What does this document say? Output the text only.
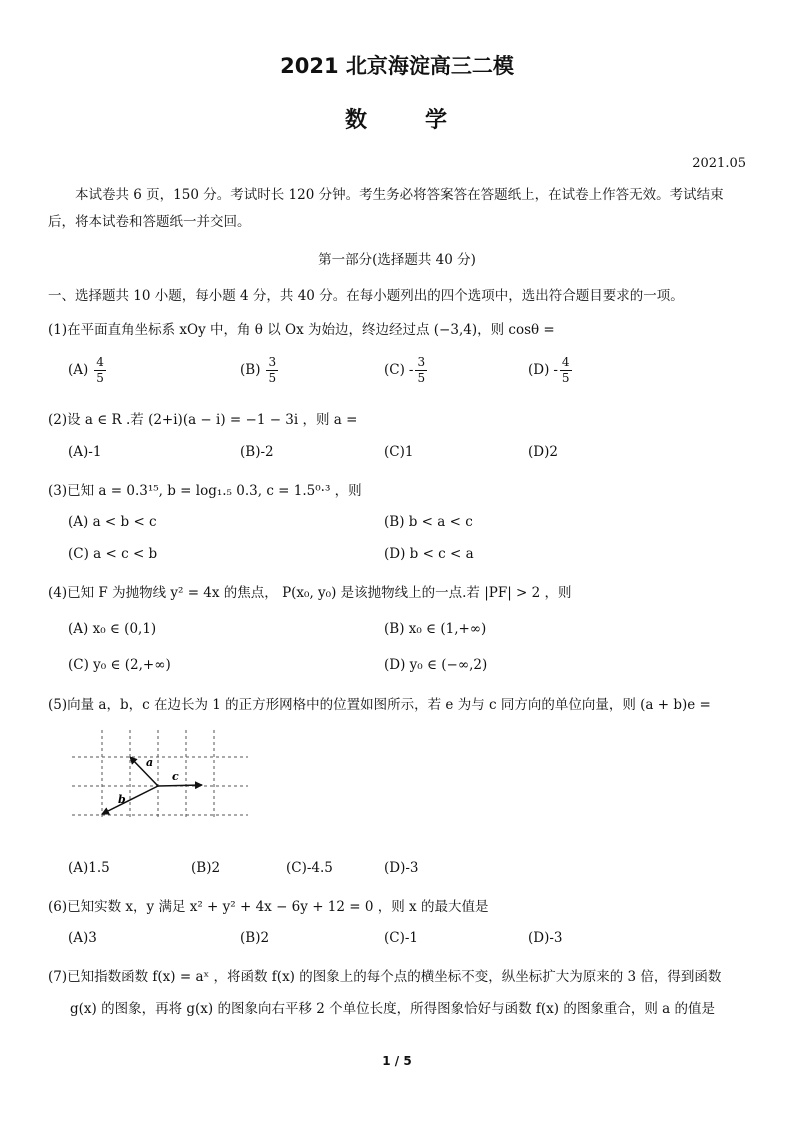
2021 北京海淀高三二模
数	学
2021.05
本试卷共 6 页，150 分。考试时长 120 分钟。考生务必将答案答在答题纸上，在试卷上作答无效。考试结束后，将本试卷和答题纸一并交回。
第一部分(选择题共 40 分)
一、选择题共 10 小题，每小题 4 分，共 40 分。在每小题列出的四个选项中，选出符合题目要求的一项。
(1)在平面直角坐标系 xOy 中，角 θ 以 Ox 为始边，终边经过点 (−3,4)，则 cosθ =
$(A) \frac{4}{5}$	$(B) \frac{3}{5}$	$(C) - \frac{3}{5}$	$(D) - \frac{4}{5}$
(2)设 a ∈ R .若 (2+i)(a − i) = −1 − 3i ，则 a =
(A)-1	(B)-2	(C)1	(D)2
(3)已知 a = 0.3¹⁵, b = log₁.₅ 0.3, c = 1.5⁰·³ ，则
(A) a < b < c	(B) b < a < c
(C) a < c < b	(D) b < c < a
(4)已知 F 为抛物线 y² = 4x 的焦点， P(x₀, y₀) 是该抛物线上的一点.若 |PF| > 2 ，则
(A) x₀ ∈ (0,1)	(B) x₀ ∈ (1,+∞)
(C) y₀ ∈ (2,+∞)	(D) y₀ ∈ (−∞,2)
(5)向量 a，b，c 在边长为 1 的正方形网格中的位置如图所示，若 e 为与 c 同方向的单位向量，则 (a + b)e =
a
b
c
(A)1.5	(B)2	(C)-4.5	(D)-3
(6)已知实数 x，y 满足 x² + y² + 4x − 6y + 12 = 0 ，则 x 的最大值是
(A)3	(B)2	(C)-1	(D)-3
(7)已知指数函数 f(x) = aˣ ，将函数 f(x) 的图象上的每个点的横坐标不变，纵坐标扩大为原来的 3 倍，得到函数
g(x) 的图象，再将 g(x) 的图象向右平移 2 个单位长度，所得图象恰好与函数 f(x) 的图象重合，则 a 的值是
1 / 5
